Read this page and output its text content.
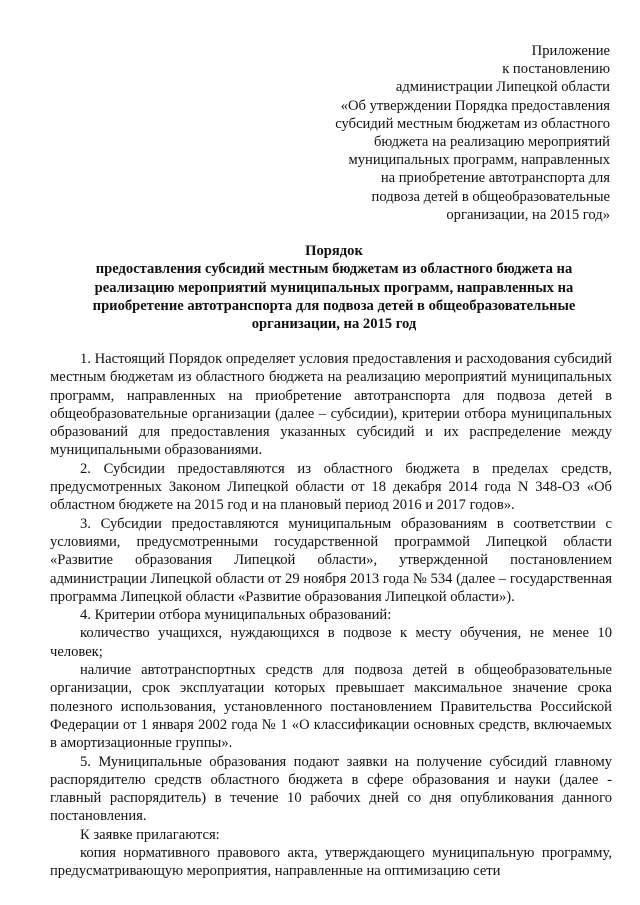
Приложение
к постановлению
администрации Липецкой области
«Об утверждении Порядка предоставления
субсидий местным бюджетам из областного
бюджета на реализацию мероприятий
муниципальных программ, направленных
на приобретение автотранспорта для
подвоза детей в общеобразовательные
организации, на 2015 год»
Порядок
предоставления субсидий местным бюджетам из областного бюджета на
реализацию мероприятий муниципальных программ, направленных на
приобретение автотранспорта для подвоза детей в общеобразовательные
организации, на 2015 год

1. Настоящий Порядок определяет условия предоставления и расходования субсидий местным бюджетам из областного бюджета на реализацию мероприятий муниципальных программ, направленных на приобретение автотранспорта для подвоза детей в общеобразовательные организации (далее – субсидии), критерии отбора муниципальных образований для предоставления указанных субсидий и их распределение между муниципальными образованиями.

2. Субсидии предоставляются из областного бюджета в пределах средств, предусмотренных Законом Липецкой области от 18 декабря 2014 года N 348-ОЗ «Об областном бюджете на 2015 год и на плановый период 2016 и 2017 годов».

3. Субсидии предоставляются муниципальным образованиям в соответствии с условиями, предусмотренными государственной программой Липецкой области «Развитие образования Липецкой области», утвержденной постановлением администрации Липецкой области от 29 ноября 2013 года № 534 (далее – государственная программа Липецкой области «Развитие образования Липецкой области»).

4. Критерии отбора муниципальных образований:

количество учащихся, нуждающихся в подвозе к месту обучения, не менее 10 человек;

наличие автотранспортных средств для подвоза детей в общеобразовательные организации, срок эксплуатации которых превышает максимальное значение срока полезного использования, установленного постановлением Правительства Российской Федерации от 1 января 2002 года № 1 «О классификации основных средств, включаемых в амортизационные группы».

5. Муниципальные образования подают заявки на получение субсидий главному распорядителю средств областного бюджета в сфере образования и науки (далее - главный распорядитель) в течение 10 рабочих дней со дня опубликования данного постановления.

К заявке прилагаются:

копия нормативного правового акта, утверждающего муниципальную программу, предусматривающую мероприятия, направленные на оптимизацию сети
